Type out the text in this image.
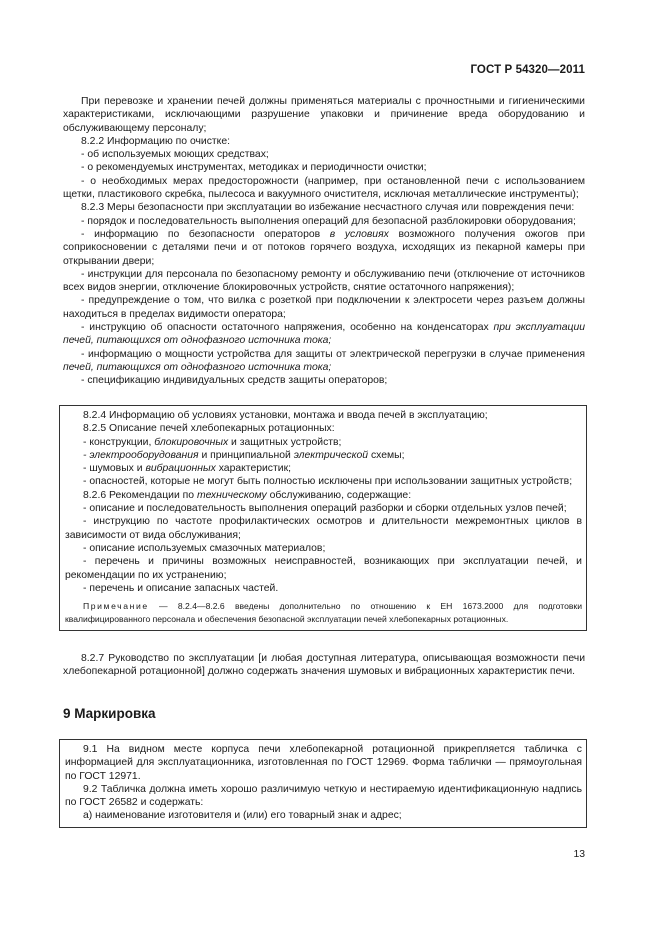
ГОСТ Р 54320—2011

При перевозке и хранении печей должны применяться материалы с прочностными и гигиеническими характеристиками, исключающими разрушение упаковки и причинение вреда оборудованию и обслуживающему персоналу;

8.2.2 Информацию по очистке:

- об используемых моющих средствах;

- о рекомендуемых инструментах, методиках и периодичности очистки;

- о необходимых мерах предосторожности (например, при остановленной печи с использованием щетки, пластикового скребка, пылесоса и вакуумного очистителя, исключая металлические инструменты);

8.2.3 Меры безопасности при эксплуатации во избежание несчастного случая или повреждения печи:

- порядок и последовательность выполнения операций для безопасной разблокировки оборудования;

- информацию по безопасности операторов в условиях возможного получения ожогов при соприкосновении с деталями печи и от потоков горячего воздуха, исходящих из пекарной камеры при открывании двери;

- инструкции для персонала по безопасному ремонту и обслуживанию печи (отключение от источников всех видов энергии, отключение блокировочных устройств, снятие остаточного напряжения);

- предупреждение о том, что вилка с розеткой при подключении к электросети через разъем должны находиться в пределах видимости оператора;

- инструкцию об опасности остаточного напряжения, особенно на конденсаторах при эксплуатации печей, питающихся от однофазного источника тока;

- информацию о мощности устройства для защиты от электрической перегрузки в случае применения печей, питающихся от однофазного источника тока;

- спецификацию индивидуальных средств защиты операторов;

8.2.4 Информацию об условиях установки, монтажа и ввода печей в эксплуатацию;

8.2.5 Описание печей хлебопекарных ротационных:

- конструкции, блокировочных и защитных устройств;

- электрооборудования и принципиальной электрической схемы;

- шумовых и вибрационных характеристик;

- опасностей, которые не могут быть полностью исключены при использовании защитных устройств;

8.2.6 Рекомендации по техническому обслуживанию, содержащие:

- описание и последовательность выполнения операций разборки и сборки отдельных узлов печей;

- инструкцию по частоте профилактических осмотров и длительности межремонтных циклов в зависимости от вида обслуживания;

- описание используемых смазочных материалов;

- перечень и причины возможных неисправностей, возникающих при эксплуатации печей, и рекомендации по их устранению;

- перечень и описание запасных частей.

Примечание — 8.2.4—8.2.6 введены дополнительно по отношению к ЕН 1673.2000 для подготовки квалифицированного персонала и обеспечения безопасной эксплуатации печей хлебопекарных ротационных.

8.2.7 Руководство по эксплуатации [и любая доступная литература, описывающая возможности печи хлебопекарной ротационной] должно содержать значения шумовых и вибрационных характеристик печи.

9 Маркировка

9.1 На видном месте корпуса печи хлебопекарной ротационной прикрепляется табличка с информацией для эксплуатационника, изготовленная по ГОСТ 12969. Форма таблички — прямоугольная по ГОСТ 12971.

9.2 Табличка должна иметь хорошо различимую четкую и нестираемую идентификационную надпись по ГОСТ 26582 и содержать:

а) наименование изготовителя и (или) его товарный знак и адрес;

13
